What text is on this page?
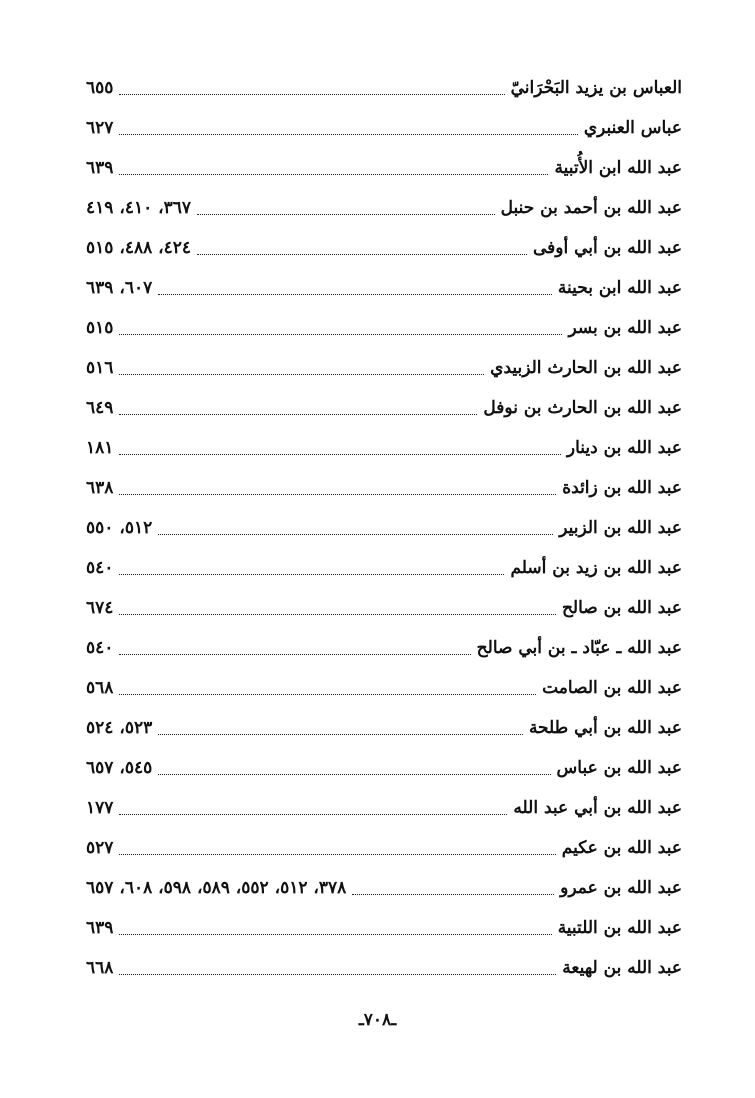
العباس بن يزيد البَحْرَانيّ
٦٥٥
عباس العنبري
٦٢٧
عبد الله ابن الأُتبية
٦٣٩
عبد الله بن أحمد بن حنبل
٣٦٧، ٤١٠، ٤١٩
عبد الله بن أبي أوفى
٤٢٤، ٤٨٨، ٥١٥
عبد الله ابن بحينة
٦٠٧، ٦٣٩
عبد الله بن بسر
٥١٥
عبد الله بن الحارث الزبيدي
٥١٦
عبد الله بن الحارث بن نوفل
٦٤٩
عبد الله بن دينار
١٨١
عبد الله بن زائدة
٦٣٨
عبد الله بن الزبير
٥١٢، ٥٥٠
عبد الله بن زيد بن أسلم
٥٤٠
عبد الله بن صالح
٦٧٤
عبد الله ـ عبّاد ـ بن أبي صالح
٥٤٠
عبد الله بن الصامت
٥٦٨
عبد الله بن أبي طلحة
٥٢٣، ٥٢٤
عبد الله بن عباس
٥٤٥، ٦٥٧
عبد الله بن أبي عبد الله
١٧٧
عبد الله بن عكيم
٥٢٧
عبد الله بن عمرو
٣٧٨، ٥١٢، ٥٥٢، ٥٨٩، ٥٩٨، ٦٠٨، ٦٥٧
عبد الله بن اللتبية
٦٣٩
عبد الله بن لهيعة
٦٦٨
ـ٧٠٨ـ
